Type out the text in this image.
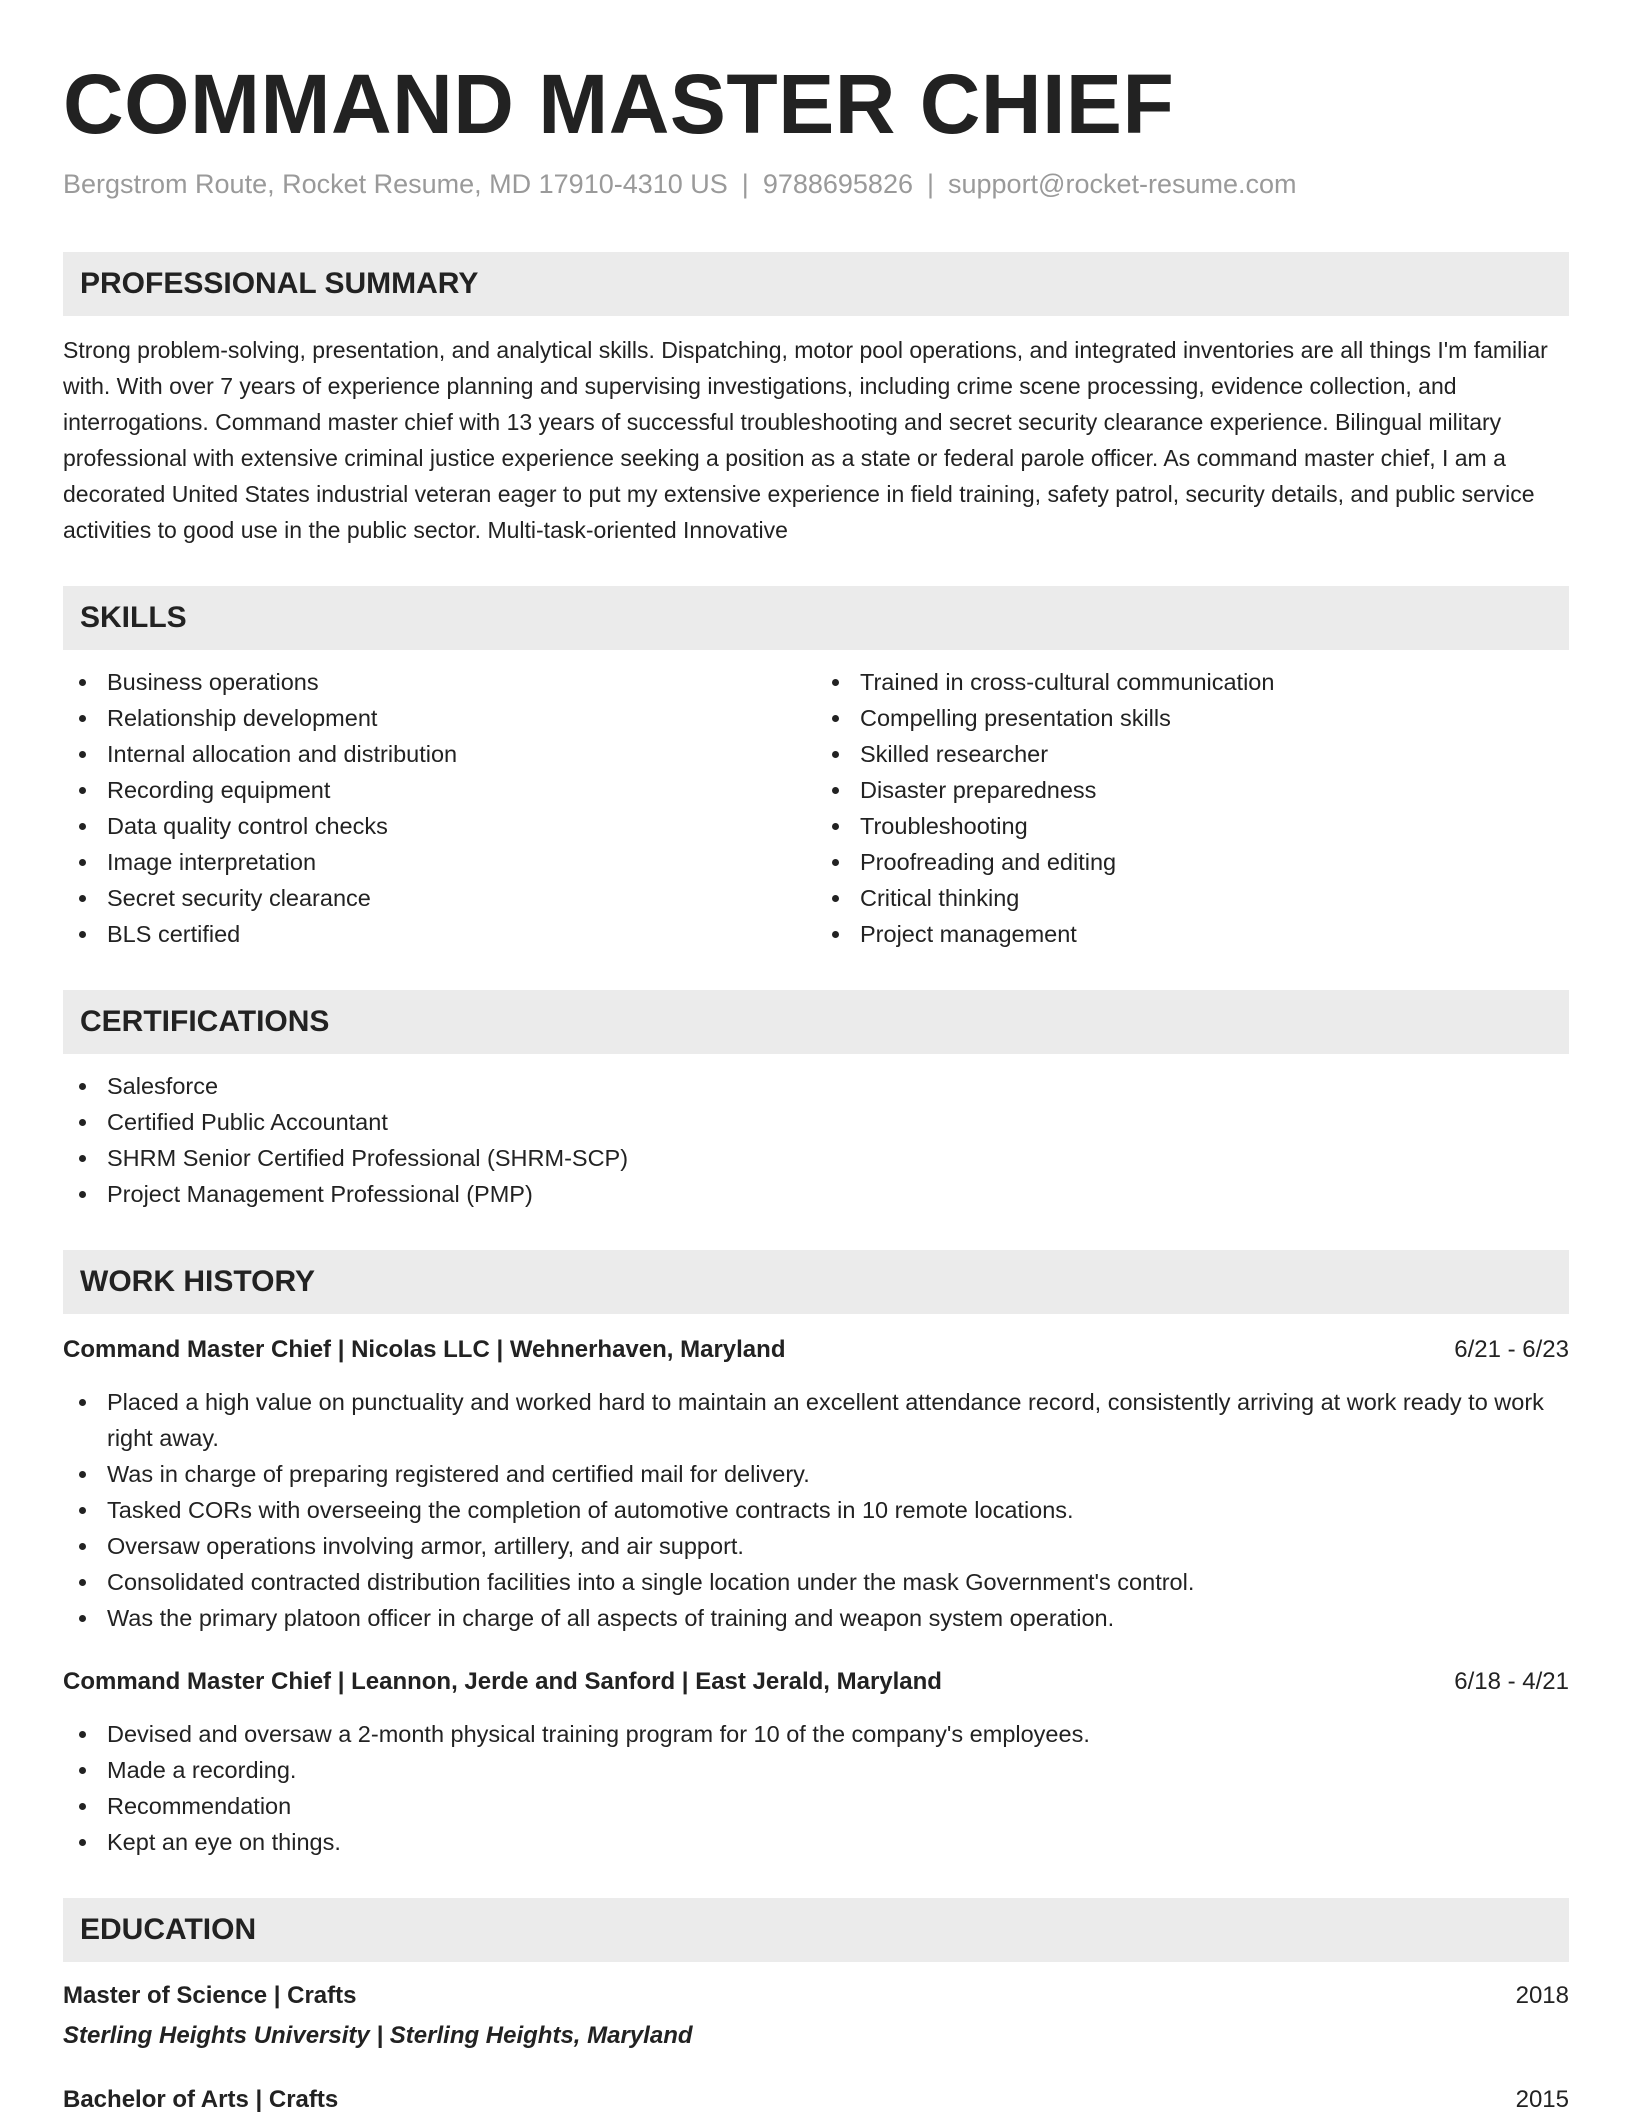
COMMAND MASTER CHIEF
Bergstrom Route, Rocket Resume, MD 17910-4310 US | 9788695826 | support@rocket-resume.com
PROFESSIONAL SUMMARY

Strong problem-solving, presentation, and analytical skills. Dispatching, motor pool operations, and integrated inventories are all things I'm familiar with. With over 7 years of experience planning and supervising investigations, including crime scene processing, evidence collection, and interrogations. Command master chief with 13 years of successful troubleshooting and secret security clearance experience. Bilingual military professional with extensive criminal justice experience seeking a position as a state or federal parole officer. As command master chief, I am a decorated United States industrial veteran eager to put my extensive experience in field training, safety patrol, security details, and public service activities to good use in the public sector. Multi-task-oriented Innovative

SKILLS
Business operations
Relationship development
Internal allocation and distribution
Recording equipment
Data quality control checks
Image interpretation
Secret security clearance
BLS certified
Trained in cross-cultural communication
Compelling presentation skills
Skilled researcher
Disaster preparedness
Troubleshooting
Proofreading and editing
Critical thinking
Project management
CERTIFICATIONS
Salesforce
Certified Public Accountant
SHRM Senior Certified Professional (SHRM-SCP)
Project Management Professional (PMP)
WORK HISTORY
Command Master Chief | Nicolas LLC | Wehnerhaven, Maryland	6/21 - 6/23
Placed a high value on punctuality and worked hard to maintain an excellent attendance record, consistently arriving at work ready to work right away.
Was in charge of preparing registered and certified mail for delivery.
Tasked CORs with overseeing the completion of automotive contracts in 10 remote locations.
Oversaw operations involving armor, artillery, and air support.
Consolidated contracted distribution facilities into a single location under the mask Government's control.
Was the primary platoon officer in charge of all aspects of training and weapon system operation.
Command Master Chief | Leannon, Jerde and Sanford | East Jerald, Maryland	6/18 - 4/21
Devised and oversaw a 2-month physical training program for 10 of the company's employees.
Made a recording.
Recommendation
Kept an eye on things.
EDUCATION
Master of Science | Crafts	2018
Sterling Heights University | Sterling Heights, Maryland
Bachelor of Arts | Crafts	2015
